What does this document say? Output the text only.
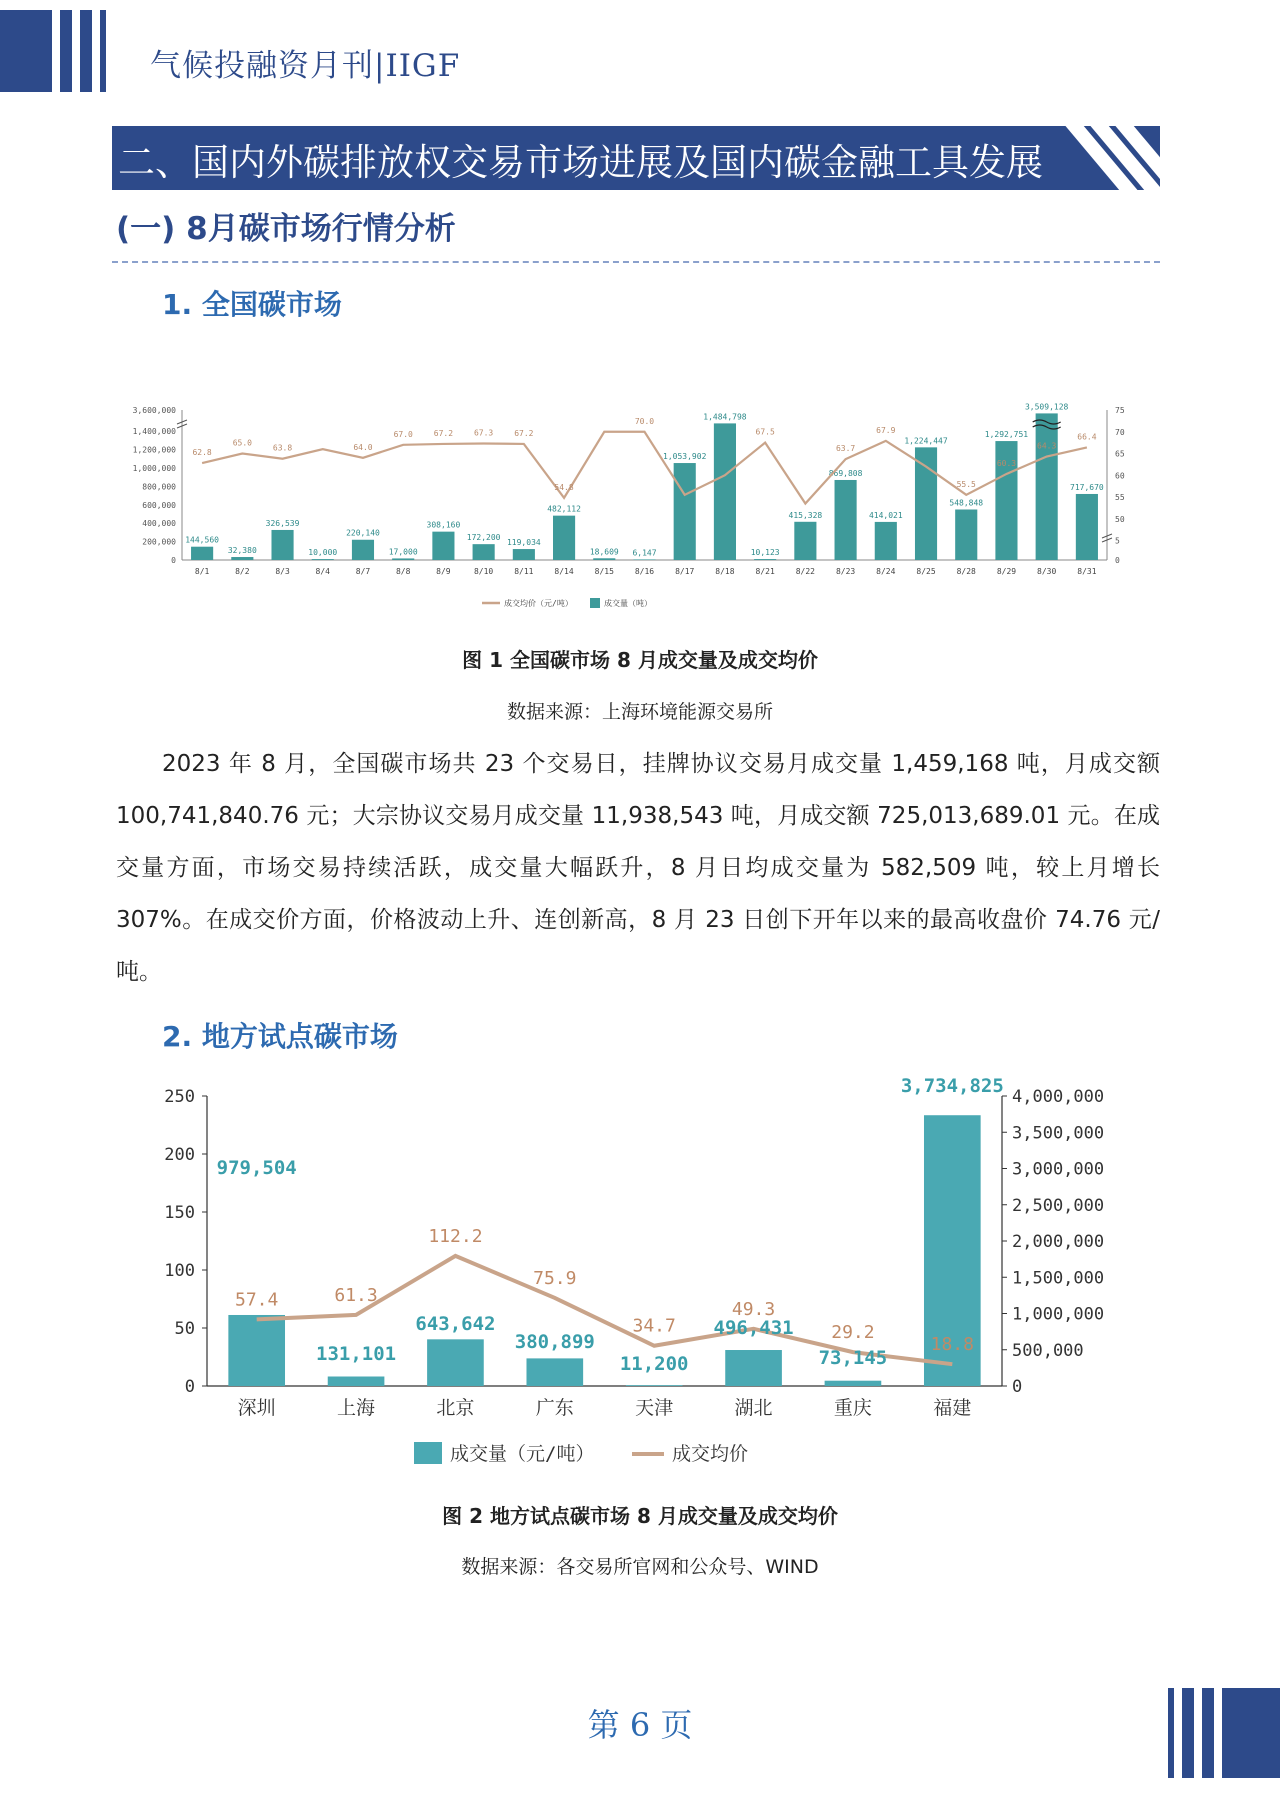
气候投融资月刊|IIGF
二、国内外碳排放权交易市场进展及国内碳金融工具发展
(一) 8月碳市场行情分析
1. 全国碳市场
0
200,000
400,000
600,000
800,000
1,000,000
1,200,000
1,400,000
3,600,000
0
5
50
55
60
65
70
75
144,560
8/1
32,380
8/2
326,539
8/3
10,000
8/4
220,140
8/7
17,000
8/8
308,160
8/9
172,200
8/10
119,034
8/11
482,112
8/14
18,609
8/15
6,147
8/16
1,053,902
8/17
1,484,798
8/18
10,123
8/21
415,328
8/22
869,808
8/23
414,021
8/24
1,224,447
8/25
548,848
8/28
1,292,751
8/29
3,509,128
8/30
717,670
8/31
62.8
65.0
63.8	64.0
67.0	67.2	67.3	67.2
54.8
70.0
67.5
63.7
67.9
55.5
60.3
64.3
66.4
成交均价（元/吨）	成交量（吨）
图 1 全国碳市场 8 月成交量及成交均价
数据来源：上海环境能源交易所

2023 年 8 月，全国碳市场共 23 个交易日，挂牌协议交易月成交量 1,459,168 吨，月成交额 100,741,840.76 元；大宗协议交易月成交量 11,938,543 吨，月成交额 725,013,689.01 元。在成交量方面，市场交易持续活跃，成交量大幅跃升，8 月日均成交量为 582,509 吨，较上月增长 307%。在成交价方面，价格波动上升、连创新高，8 月 23 日创下开年以来的最高收盘价 74.76 元/吨。

2. 地方试点碳市场
0
50
100
150
200
250
0
500,000
1,000,000
1,500,000
2,000,000
2,500,000
3,000,000
3,500,000
4,000,000
深圳	上海	北京	广东	天津	湖北	重庆	福建
979,504
131,101
643,642
380,899
11,200
496,431
73,145
3,734,825
57.4	61.3
112.2
75.9
34.7
49.3
29.2
18.8
成交量（元/吨）	成交均价
图 2 地方试点碳市场 8 月成交量及成交均价
数据来源：各交易所官网和公众号、WIND
第 6 页
